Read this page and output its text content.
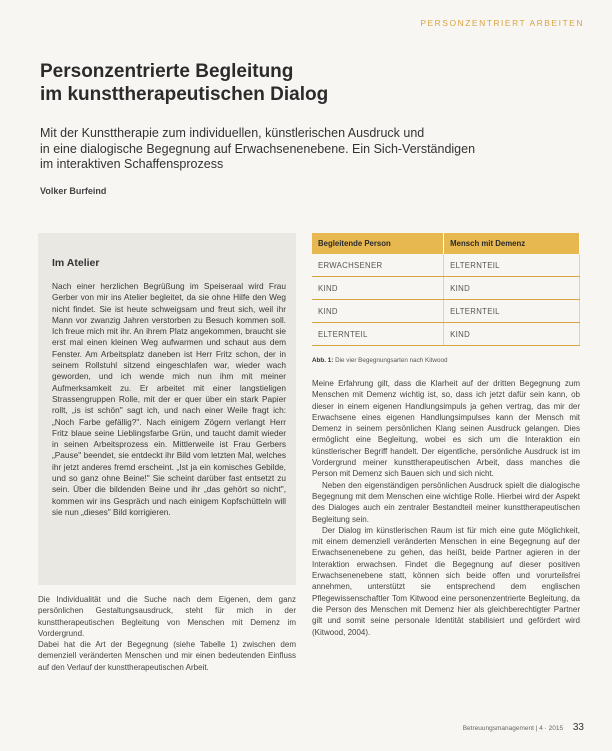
PERSONZENTRIERT ARBEITEN
Personzentrierte Begleitung
im kunsttherapeutischen Dialog
Mit der Kunsttherapie zum individuellen, künstlerischen Ausdruck und
in eine dialogische Begegnung auf Erwachsenenebene. Ein Sich-Verständigen
im interaktiven Schaffensprozess
Volker Burfeind
Im Atelier

Nach einer herzlichen Begrüßung im Speiseraal wird Frau Gerber von mir ins Atelier begleitet, da sie ohne Hilfe den Weg nicht findet. Sie ist heute schweigsam und freut sich, weil ihr Mann vor zwanzig Jahren verstorben zu Besuch kommen soll. Ich freue mich mit ihr. An ihrem Platz angekommen, braucht sie erst mal einen kleinen Weg aufwarmen und schaut aus dem Fenster. Am Arbeitsplatz daneben ist Herr Fritz schon, der in seinem Rollstuhl sitzend eingeschlafen war, wieder wach geworden, und ich wende mich nun ihm mit meiner Aufmerksamkeit zu. Er arbeitet mit einer langstieligen Strassengruppen Rolle, mit der er quer über ein stark Papier rollt, „is ist schön" sagt ich, und nach einer Weile fragt ich: „Noch Farbe gefällig?". Nach einigem Zögern verlangt Herr Fritz blaue seine Lieblingsfarbe Grün, und taucht damit wieder in seinen Arbeitsprozess ein. Mittlerweile ist Frau Gerbers „Pause" beendet, sie entdeckt ihr Bild vom letzten Mal, welches ihr jetzt anderes fremd erscheint. „Ist ja ein komisches Gebilde, und so ganz ohne Beine!" Sie scheint darüber fast entsetzt zu sein. Über die bildenden Beine und ihr „das gehört so nicht", kommen wir ins Gespräch und nach einigem Kopfschütteln will sie nun „dieses" Bild korrigieren.

Begleitende Person	Mensch mit Demenz
ERWACHSENER	ELTERNTEIL
KIND	KIND
KIND	ELTERNTEIL
ELTERNTEIL	KIND
Abb. 1: Die vier Begegnungsarten nach Kitwood

Meine Erfahrung gilt, dass die Klarheit auf der dritten Begegnung zum Menschen mit Demenz wichtig ist, so, dass ich jetzt dafür sein kann, ob dieser in einem eigenen Handlungsimpuls ja gehen vertrag, das mir der Erwachsene eines eigenen Handlungsimpulses kann der Mensch mit Demenz in seinem persönlichen Klang seinen Ausdruck gelangen. Dies ermöglicht eine Begleitung, wobei es sich um die Interaktion ein künstlerischer Begriff handelt. Der eigentliche, persönliche Ausdruck ist im Vordergrund meiner kunsttherapeutischen Arbeit, dass manches die Person mit Demenz sich Bauen sich und sich nicht.

Neben den eigenständigen persönlichen Ausdruck spielt die dialogische Begegnung mit dem Menschen eine wichtige Rolle. Hierbei wird der Aspekt des Dialoges auch ein zentraler Bestandteil meiner kunsttherapeutischen Begleitung sein.

Der Dialog im künstlerischen Raum ist für mich eine gute Möglichkeit, mit einem demenziell veränderten Menschen in eine Begegnung auf der Erwachsenenebene zu gehen, das heißt, beide Partner agieren in der Interaktion erwachsen. Findet die Begegnung auf dieser positiven Erwachsenenebene statt, können sich beide offen und vorurteilsfrei annehmen, unterstützt sie entsprechend dem englischen Pflegewissenschaftler Tom Kitwood eine personenzentrierte Begleitung, da die Person des Menschen mit Demenz hier als gleichberechtigter Partner gilt und somit seine personale Identität stabilisiert und gefördert wird (Kitwood, 2004).

Die Individualität und die Suche nach dem Eigenen, dem ganz persönlichen Gestaltungsausdruck, steht für mich in der kunsttherapeutischen Begleitung von Menschen mit Demenz im Vordergrund.

Dabei hat die Art der Begegnung (siehe Tabelle 1) zwischen dem demenziell veränderten Menschen und mir einen bedeutenden Einfluss auf den Verlauf der kunsttherapeutischen Arbeit.

Betreuungsmanagement | 4 · 2015 33
